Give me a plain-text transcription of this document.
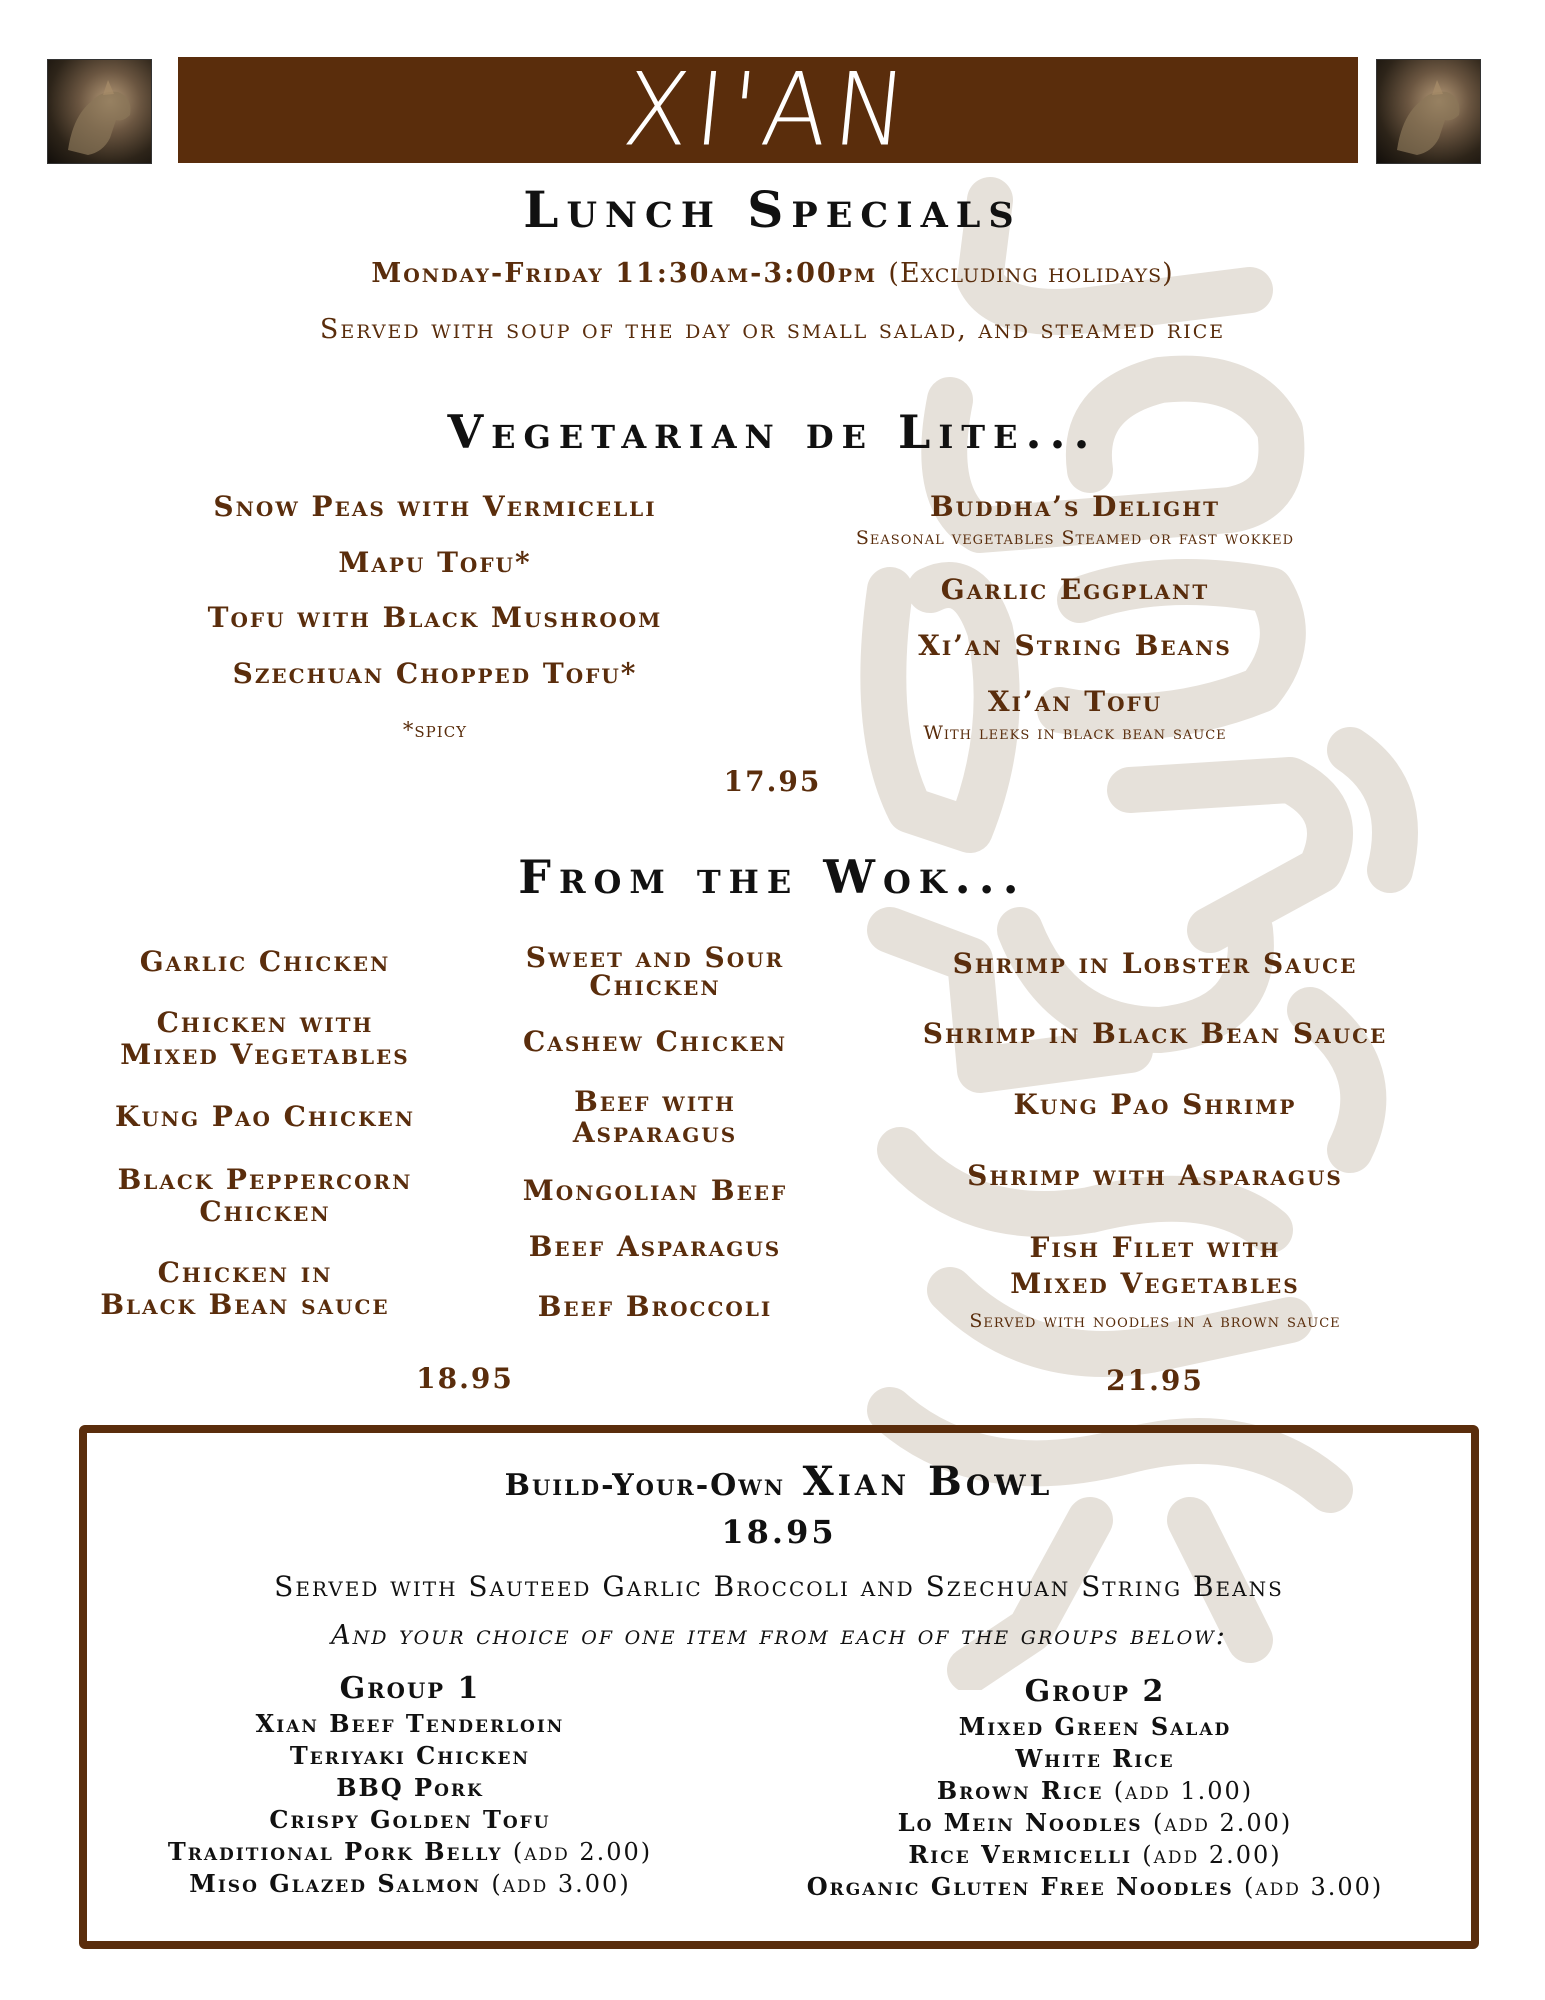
XI'AN
Lunch Specials
Monday-Friday 11:30am-3:00pm (Excluding holidays)
Served with soup of the day or small salad, and steamed rice
Vegetarian de Lite...
Snow Peas with Vermicelli
Mapu Tofu*
Tofu with Black Mushroom
Szechuan Chopped Tofu*
*spicy
Buddha’s Delight
Seasonal vegetables Steamed or fast wokked
Garlic Eggplant
Xi’an String Beans
Xi’an Tofu
With leeks in black bean sauce
17.95
From the Wok...
Garlic Chicken
Chicken with
Mixed Vegetables
Kung Pao Chicken
Black Peppercorn
Chicken
Chicken in
Black Bean sauce
18.95
Sweet and Sour
Chicken
Cashew Chicken
Beef with
Asparagus
Mongolian Beef
Beef Asparagus
Beef Broccoli
Shrimp in Lobster Sauce
Shrimp in Black Bean Sauce
Kung Pao Shrimp
Shrimp with Asparagus
Fish Filet with
Mixed Vegetables
Served with noodles in a brown sauce
21.95
Build-Your-Own Xian Bowl
18.95
Served with Sauteed Garlic Broccoli and Szechuan String Beans
And your choice of one item from each of the groups below:
Group 1
Xian Beef Tenderloin
Teriyaki Chicken
BBQ Pork
Crispy Golden Tofu
Traditional Pork Belly (add 2.00)
Miso Glazed Salmon (add 3.00)
Group 2
Mixed Green Salad
White Rice
Brown Rice (add 1.00)
Lo Mein Noodles (add 2.00)
Rice Vermicelli (add 2.00)
Organic Gluten Free Noodles (add 3.00)
